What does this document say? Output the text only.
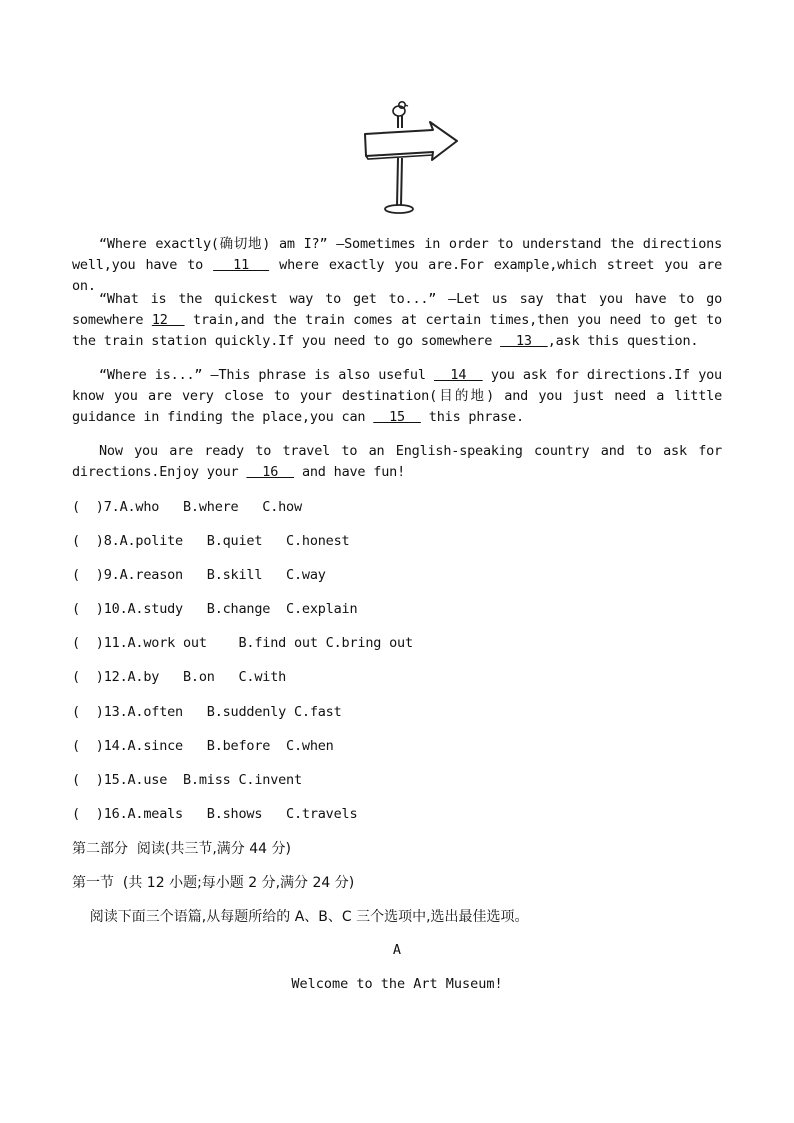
“Where exactly(确切地) am I?” —Sometimes in order to understand the directions well,you have to   11   where exactly you are.For example,which street you are on.
“What is the quickest way to get to...” —Let us say that you have to go somewhere 12   train,and the train comes at certain times,then you need to get to the train station quickly.If you need to go somewhere   13  ,ask this question.
“Where is...” —This phrase is also useful   14   you ask for directions.If you know you are very close to your destination(目的地) and you just need a little guidance in finding the place,you can   15   this phrase.
Now you are ready to travel to an English-speaking country and to ask for directions.Enjoy your   16   and have fun!
(  )7.A.who   B.where   C.how
(  )8.A.polite   B.quiet   C.honest
(  )9.A.reason   B.skill   C.way
(  )10.A.study   B.change  C.explain
(  )11.A.work out    B.find out C.bring out
(  )12.A.by   B.on   C.with
(  )13.A.often   B.suddenly C.fast
(  )14.A.since   B.before  C.when
(  )15.A.use  B.miss C.invent
(  )16.A.meals   B.shows   C.travels
第二部分  阅读(共三节,满分 44 分)
第一节  (共 12 小题;每小题 2 分,满分 24 分)
阅读下面三个语篇,从每题所给的 A、B、C 三个选项中,选出最佳选项。
A
Welcome to the Art Museum!
